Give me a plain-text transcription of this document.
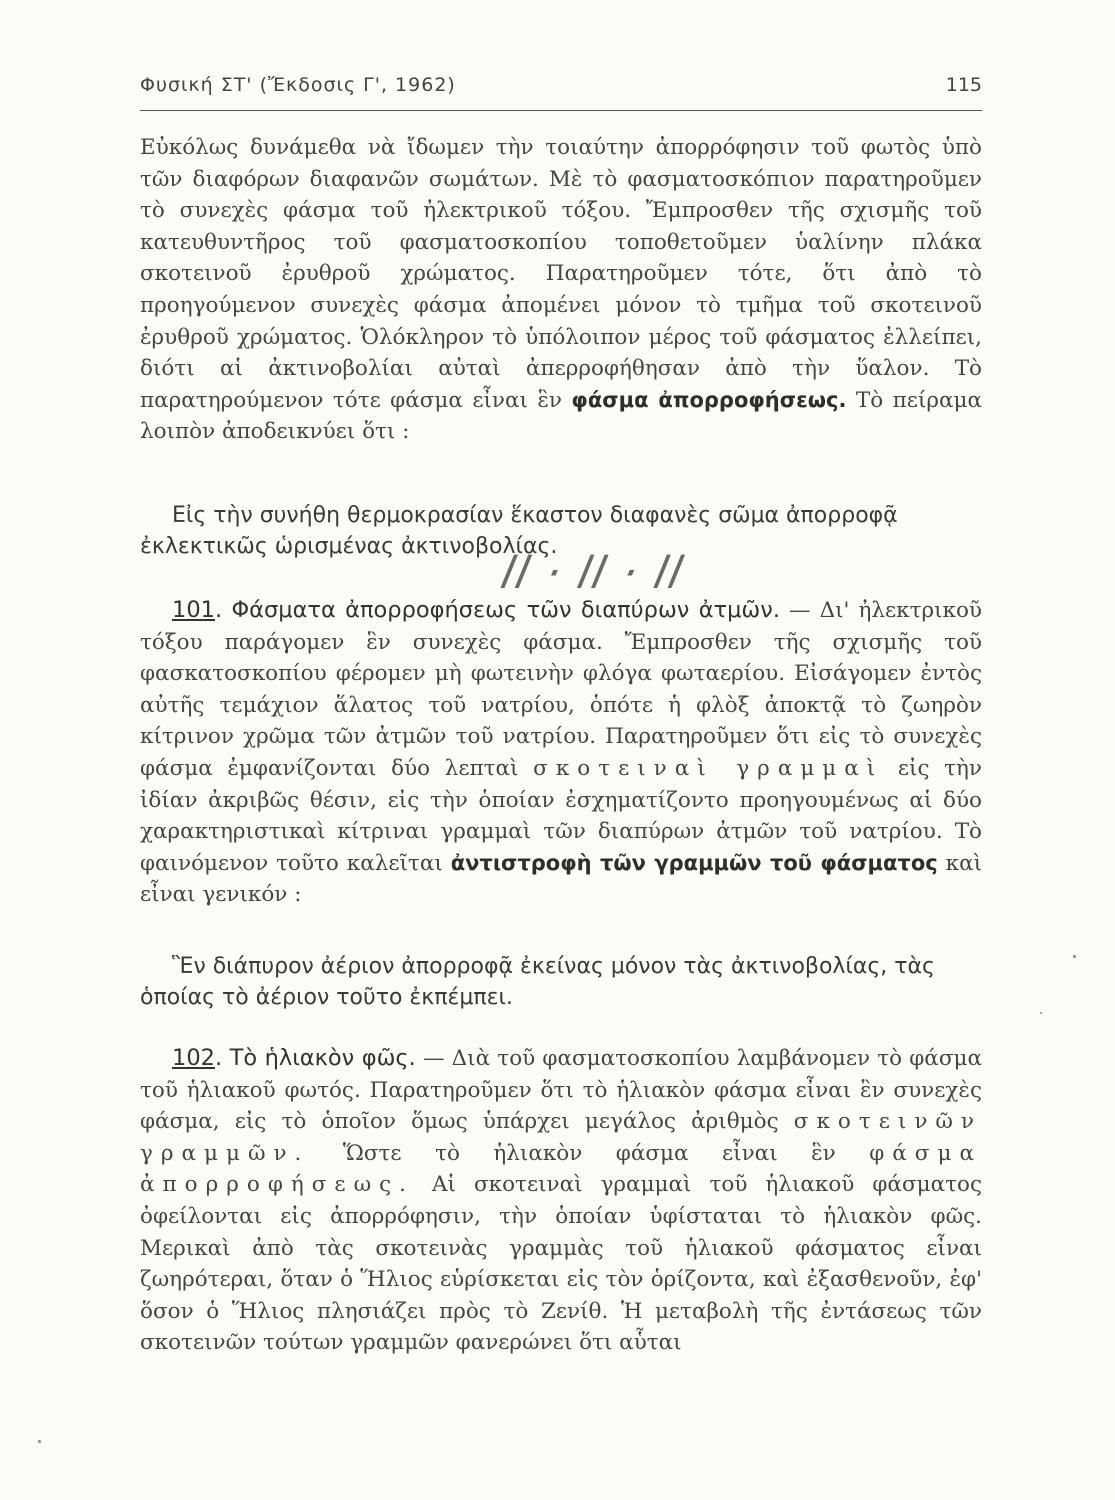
Φυσική ΣΤ' (Ἔκδοσις Γ', 1962)	115

Εὐκόλως δυνάμεθα νὰ ἴδωμεν τὴν τοιαύτην ἀπορρόφησιν τοῦ φωτὸς ὑπὸ τῶν διαφόρων διαφανῶν σωμάτων. Μὲ τὸ φασματοσκόπιον παρατηροῦμεν τὸ συνεχὲς φάσμα τοῦ ἠλεκτρικοῦ τόξου. Ἔμπροσθεν τῆς σχισμῆς τοῦ κατευθυντῆρος τοῦ φασματοσκοπίου τοποθετοῦμεν ὑαλίνην πλάκα σκοτεινοῦ ἐρυθροῦ χρώματος. Παρατηροῦμεν τότε, ὅτι ἀπὸ τὸ προηγούμενον συνεχὲς φάσμα ἀπομένει μόνον τὸ τμῆμα τοῦ σκοτεινοῦ ἐρυθροῦ χρώματος. Ὁλόκληρον τὸ ὑπόλοιπον μέρος τοῦ φάσματος ἐλλείπει, διότι αἱ ἀκτινοβολίαι αὐταὶ ἀπερροφήθησαν ἀπὸ τὴν ὕαλον. Τὸ παρατηρούμενον τότε φάσμα εἶναι ἓν φάσμα ἀπορροφήσεως. Τὸ πείραμα λοιπὸν ἀποδεικνύει ὅτι :

Εἰς τὴν συνήθη θερμοκρασίαν ἕκαστον διαφανὲς σῶμα ἀπορροφᾷ ἐκλεκτικῶς ὡρισμένας ἀκτινοβολίας.

ll · ll · ll

101. Φάσματα ἀπορροφήσεως τῶν διαπύρων ἀτμῶν. — Δι' ἠλεκτρικοῦ τόξου παράγομεν ἓν συνεχὲς φάσμα. Ἔμπροσθεν τῆς σχισμῆς τοῦ φασκατοσκοπίου φέρομεν μὴ φωτεινὴν φλόγα φωταερίου. Εἰσάγομεν ἐντὸς αὐτῆς τεμάχιον ἅλατος τοῦ νατρίου, ὁπότε ἡ φλὸξ ἀποκτᾷ τὸ ζωηρὸν κίτρινον χρῶμα τῶν ἀτμῶν τοῦ νατρίου. Παρατηροῦμεν ὅτι εἰς τὸ συνεχὲς φάσμα ἐμφανίζονται δύο λεπταὶ σκοτειναὶ γραμμαὶ εἰς τὴν ἰδίαν ἀκριβῶς θέσιν, εἰς τὴν ὁποίαν ἐσχηματίζοντο προηγουμένως αἱ δύο χαρακτηριστικαὶ κίτριναι γραμμαὶ τῶν διαπύρων ἀτμῶν τοῦ νατρίου. Τὸ φαινόμενον τοῦτο καλεῖται ἀντιστροφὴ τῶν γραμμῶν τοῦ φάσματος καὶ εἶναι γενικόν :

Ἓν διάπυρον ἀέριον ἀπορροφᾷ ἐκείνας μόνον τὰς ἀκτινοβολίας, τὰς ὁποίας τὸ ἀέριον τοῦτο ἐκπέμπει.

102. Τὸ ἡλιακὸν φῶς. — Διὰ τοῦ φασματοσκοπίου λαμβάνομεν τὸ φάσμα τοῦ ἡλιακοῦ φωτός. Παρατηροῦμεν ὅτι τὸ ἡλιακὸν φάσμα εἶναι ἓν συνεχὲς φάσμα, εἰς τὸ ὁποῖον ὅμως ὑπάρχει μεγάλος ἀριθμὸς σκοτεινῶν γραμμῶν. Ὥστε τὸ ἡλιακὸν φάσμα εἶναι ἓν φάσμα ἀπορροφήσεως. Αἱ σκοτειναὶ γραμμαὶ τοῦ ἡλιακοῦ φάσματος ὀφείλονται εἰς ἀπορρόφησιν, τὴν ὁποίαν ὑφίσταται τὸ ἡλιακὸν φῶς. Μερικαὶ ἀπὸ τὰς σκοτεινὰς γραμμὰς τοῦ ἡλιακοῦ φάσματος εἶναι ζωηρότεραι, ὅταν ὁ Ἥλιος εὑρίσκεται εἰς τὸν ὁρίζοντα, καὶ ἐξασθενοῦν, ἐφ' ὅσον ὁ Ἥλιος πλησιάζει πρὸς τὸ Ζενίθ. Ἡ μεταβολὴ τῆς ἐντάσεως τῶν σκοτεινῶν τούτων γραμμῶν φανερώνει ὅτι αὗται
